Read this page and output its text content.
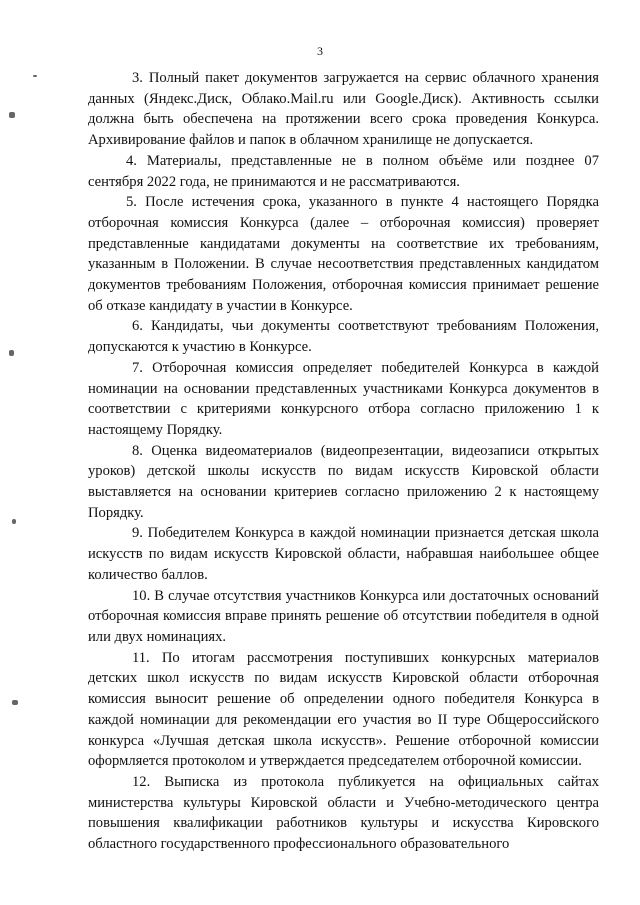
3

3. Полный пакет документов загружается на сервис облачного хранения данных (Яндекс.Диск, Облако.Mail.ru или Google.Диск). Активность ссылки должна быть обеспечена на протяжении всего срока проведения Конкурса. Архивирование файлов и папок в облачном хранилище не допускается.

4. Материалы, представленные не в полном объёме или позднее 07 сентября 2022 года, не принимаются и не рассматриваются.

5. После истечения срока, указанного в пункте 4 настоящего Порядка отборочная комиссия Конкурса (далее – отборочная комиссия) проверяет представленные кандидатами документы на соответствие их требованиям, указанным в Положении. В случае несоответствия представленных кандидатом документов требованиям Положения, отборочная комиссия принимает решение об отказе кандидату в участии в Конкурсе.

6. Кандидаты, чьи документы соответствуют требованиям Положения, допускаются к участию в Конкурсе.

7. Отборочная комиссия определяет победителей Конкурса в каждой номинации на основании представленных участниками Конкурса документов в соответствии с критериями конкурсного отбора согласно приложению 1 к настоящему Порядку.

8. Оценка видеоматериалов (видеопрезентации, видеозаписи открытых уроков) детской школы искусств по видам искусств Кировской области выставляется на основании критериев согласно приложению 2 к настоящему Порядку.

9. Победителем Конкурса в каждой номинации признается детская школа искусств по видам искусств Кировской области, набравшая наибольшее общее количество баллов.

10. В случае отсутствия участников Конкурса или достаточных оснований отборочная комиссия вправе принять решение об отсутствии победителя в одной или двух номинациях.

11. По итогам рассмотрения поступивших конкурсных материалов детских школ искусств по видам искусств Кировской области отборочная комиссия выносит решение об определении одного победителя Конкурса в каждой номинации для рекомендации его участия во II туре Общероссийского конкурса «Лучшая детская школа искусств». Решение отборочной комиссии оформляется протоколом и утверждается председателем отборочной комиссии.

12. Выписка из протокола публикуется на официальных сайтах министерства культуры Кировской области и Учебно-методического центра повышения квалификации работников культуры и искусства Кировского областного государственного профессионального образовательного
